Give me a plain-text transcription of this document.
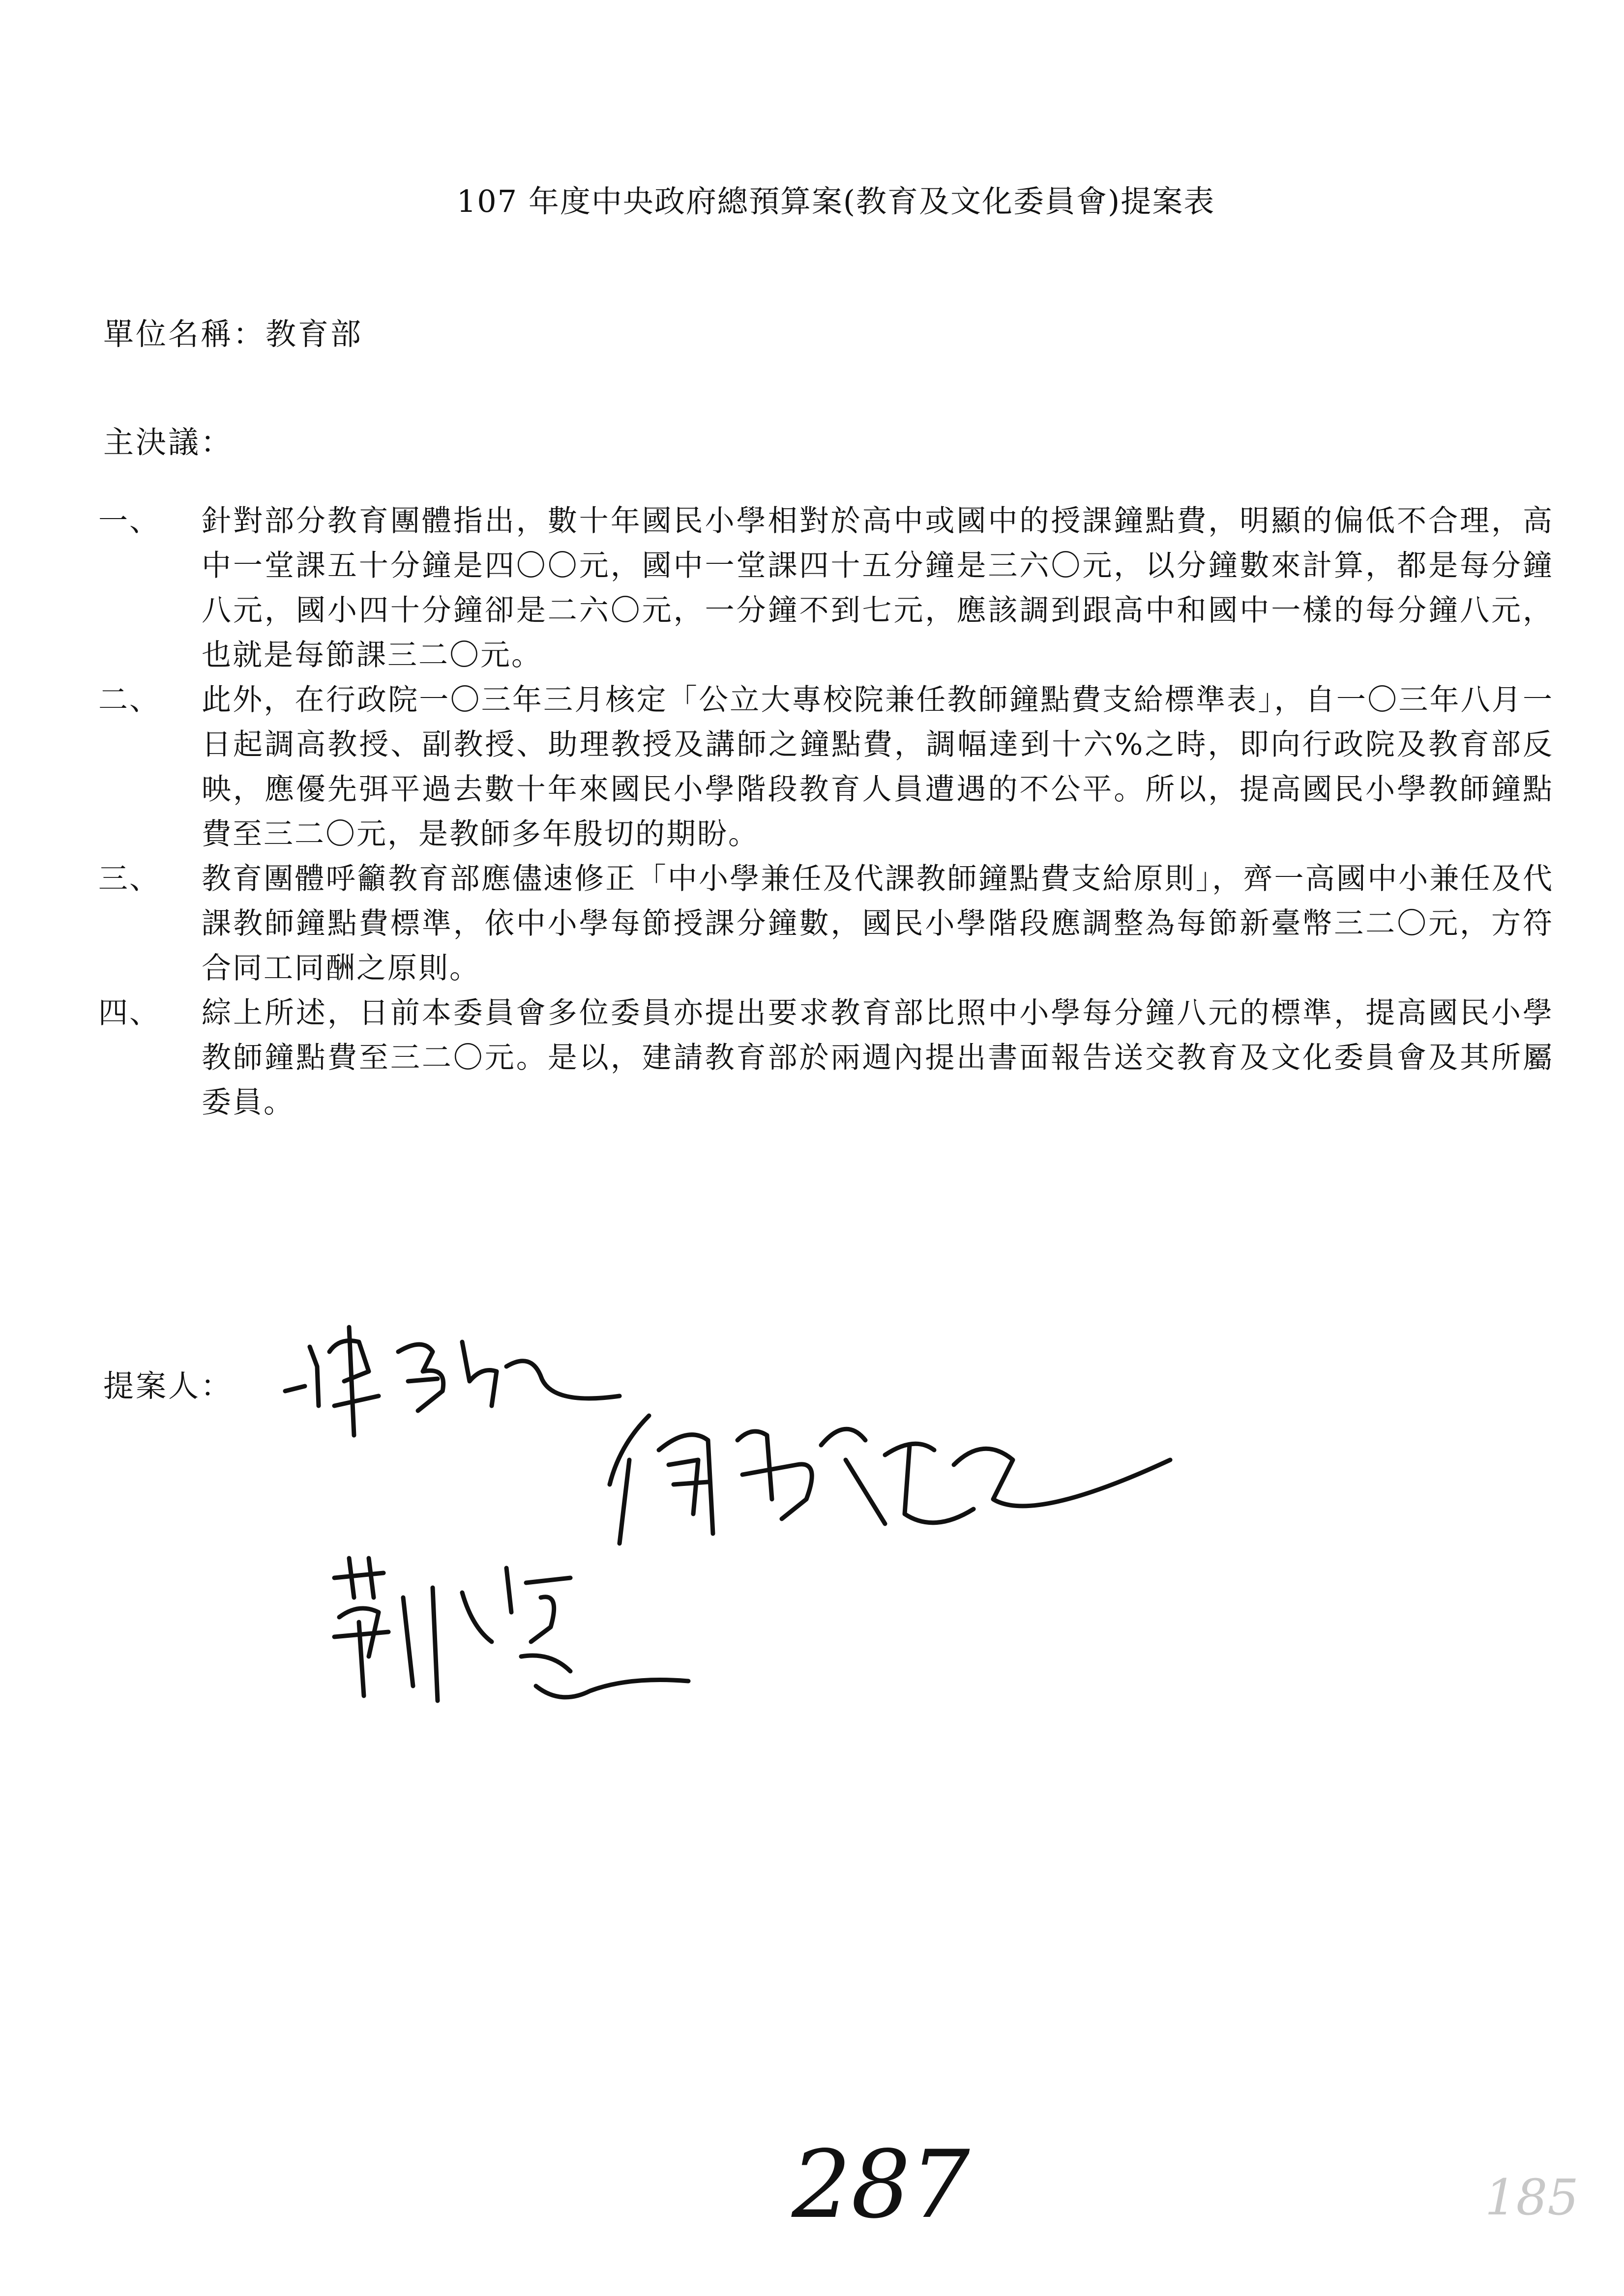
107 年度中央政府總預算案(教育及文化委員會)提案表
單位名稱：教育部
主決議：
一、	針對部分教育團體指出，數十年國民小學相對於高中或國中的授課鐘點費，明顯的偏低不合理，高中一堂課五十分鐘是四〇〇元，國中一堂課四十五分鐘是三六〇元，以分鐘數來計算，都是每分鐘八元，國小四十分鐘卻是二六〇元，一分鐘不到七元，應該調到跟高中和國中一樣的每分鐘八元，也就是每節課三二〇元。
二、	此外，在行政院一〇三年三月核定「公立大專校院兼任教師鐘點費支給標準表」，自一〇三年八月一日起調高教授、副教授、助理教授及講師之鐘點費，調幅達到十六%之時，即向行政院及教育部反映，應優先弭平過去數十年來國民小學階段教育人員遭遇的不公平。所以，提高國民小學教師鐘點費至三二〇元，是教師多年殷切的期盼。
三、	教育團體呼籲教育部應儘速修正「中小學兼任及代課教師鐘點費支給原則」，齊一高國中小兼任及代課教師鐘點費標準，依中小學每節授課分鐘數，國民小學階段應調整為每節新臺幣三二〇元，方符合同工同酬之原則。
四、	綜上所述，日前本委員會多位委員亦提出要求教育部比照中小學每分鐘八元的標準，提高國民小學教師鐘點費至三二〇元。是以，建請教育部於兩週內提出書面報告送交教育及文化委員會及其所屬委員。
提案人：
287	185
